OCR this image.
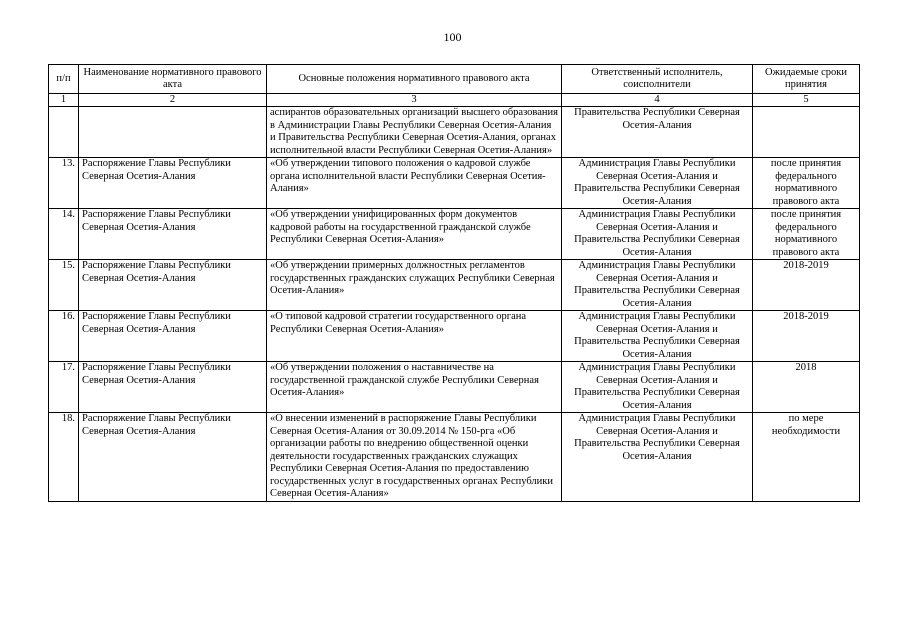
100
п/п	Наименование нормативного правового акта	Основные положения нормативного правового акта	Ответственный исполнитель, соисполнители	Ожидаемые сроки принятия
1	2	3	4	5
		аспирантов образовательных организаций высшего образования в Администрации Главы Республики Северная Осетия-Алания и Правительства Республики Северная Осетия-Алания, органах исполнительной власти Республики Северная Осетия-Алания»	Правительства Республики Северная Осетия-Алания	
13.	Распоряжение Главы Республики Северная Осетия-Алания	«Об утверждении типового положения о кадровой службе органа исполнительной власти Республики Северная Осетия-Алания»	Администрация Главы Республики Северная Осетия-Алания и Правительства Республики Северная Осетия-Алания	после принятия федерального нормативного правового акта
14.	Распоряжение Главы Республики Северная Осетия-Алания	«Об утверждении унифицированных форм документов кадровой работы на государственной гражданской службе Республики Северная Осетия-Алания»	Администрация Главы Республики Северная Осетия-Алания и Правительства Республики Северная Осетия-Алания	после принятия федерального нормативного правового акта
15.	Распоряжение Главы Республики Северная Осетия-Алания	«Об утверждении примерных должностных регламентов государственных гражданских служащих Республики Северная Осетия-Алания»	Администрация Главы Республики Северная Осетия-Алания и Правительства Республики Северная Осетия-Алания	2018-2019
16.	Распоряжение Главы Республики Северная Осетия-Алания	«О типовой кадровой стратегии государственного органа Республики Северная Осетия-Алания»	Администрация Главы Республики Северная Осетия-Алания и Правительства Республики Северная Осетия-Алания	2018-2019
17.	Распоряжение Главы Республики Северная Осетия-Алания	«Об утверждении положения о наставничестве на государственной гражданской службе Республики Северная Осетия-Алания»	Администрация Главы Республики Северная Осетия-Алания и Правительства Республики Северная Осетия-Алания	2018
18.	Распоряжение Главы Республики Северная Осетия-Алания	«О внесении изменений в распоряжение Главы Республики Северная Осетия-Алания от 30.09.2014 № 150-рга «Об организации работы по внедрению общественной оценки деятельности государственных гражданских служащих Республики Северная Осетия-Алания по предоставлению государственных услуг в государственных органах Республики Северная Осетия-Алания»	Администрация Главы Республики Северная Осетия-Алания и Правительства Республики Северная Осетия-Алания	по мере необходимости
